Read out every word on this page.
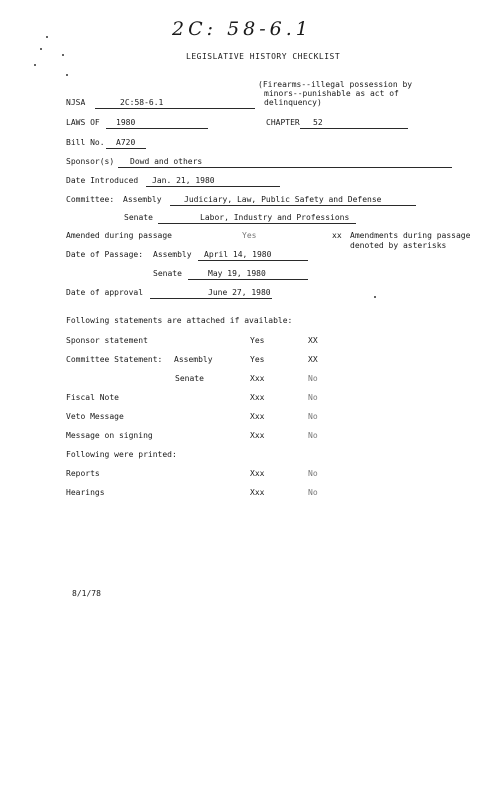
2C: 58-6.1
LEGISLATIVE HISTORY CHECKLIST
(Firearms--illegal possession by
minors--punishable as act of
delinquency)
NJSA	2C:58-6.1
LAWS OF 1980	CHAPTER 52
Bill No. A720
Sponsor(s) Dowd and others
Date Introduced Jan. 21, 1980
Committee: Assembly	Judiciary, Law, Public Safety and Defense
Senate	Labor, Industry and Professions
Amended during passage	Yes	xx Amendments during passage
denoted by asterisks
Date of Passage: Assembly April 14, 1980
Senate	May 19, 1980
Date of approval	June 27, 1980
Following statements are attached if available:
Sponsor statement	Yes	XX
Committee Statement: Assembly	Yes	XX
Senate	Xxx	No
Fiscal Note	Xxx	No
Veto Message	Xxx	No
Message on signing	Xxx	No
Following were printed:
Reports	Xxx	No
Hearings	Xxx	No
8/1/78
